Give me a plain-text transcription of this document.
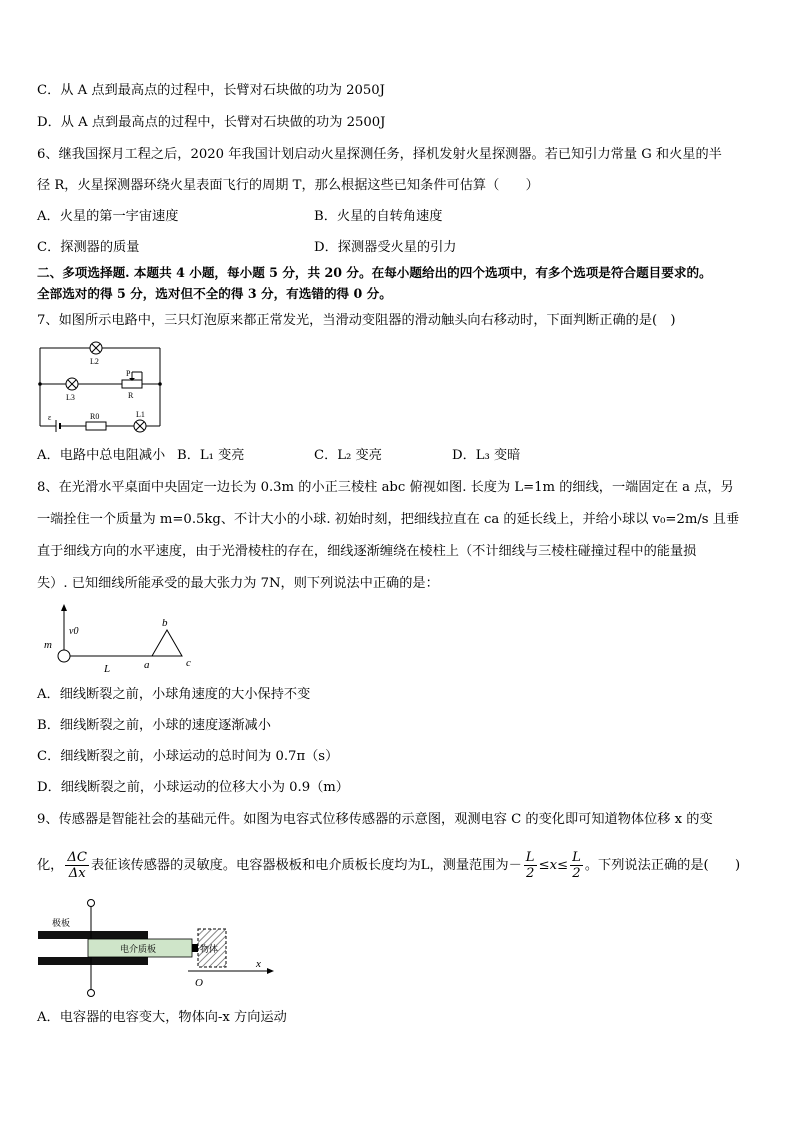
C．从 A 点到最高点的过程中，长臂对石块做的功为 2050J
D．从 A 点到最高点的过程中，长臂对石块做的功为 2500J
6、继我国探月工程之后，2020 年我国计划启动火星探测任务，择机发射火星探测器。若已知引力常量 G 和火星的半
径 R，火星探测器环绕火星表面飞行的周期 T，那么根据这些已知条件可估算（　　）
A．火星的第一宇宙速度	B．火星的自转角速度
C．探测器的质量	D．探测器受火星的引力
二、多项选择题. 本题共 4 小题，每小题 5 分，共 20 分。在每小题给出的四个选项中，有多个选项是符合题目要求的。
全部选对的得 5 分，选对但不全的得 3 分，有选错的得 0 分。
7、如图所示电路中，三只灯泡原来都正常发光，当滑动变阻器的滑动触头向右移动时，下面判断正确的是(　)
L2
L3
P
R
ε	R0	L1
A．电路中总电阻减小 B．L₁ 变亮	C．L₂ 变亮	D．L₃ 变暗
8、在光滑水平桌面中央固定一边长为 0.3m 的小正三棱柱 abc 俯视如图. 长度为 L=1m 的细线，一端固定在 a 点，另
一端拴住一个质量为 m=0.5kg、不计大小的小球. 初始时刻，把细线拉直在 ca 的延长线上，并给小球以 v₀=2m/s 且垂
直于细线方向的水平速度，由于光滑棱柱的存在，细线逐渐缠绕在棱柱上（不计细线与三棱柱碰撞过程中的能量损
失）. 已知细线所能承受的最大张力为 7N，则下列说法中正确的是：
m
v0
L	a
b
c
A．细线断裂之前，小球角速度的大小保持不变
B．细线断裂之前，小球的速度逐渐减小
C．细线断裂之前，小球运动的总时间为 0.7π（s）
D．细线断裂之前，小球运动的位移大小为 0.9（m）
9、传感器是智能社会的基础元件。如图为电容式位移传感器的示意图，观测电容 C 的变化即可知道物体位移 x 的变
化， $\frac{\Delta C}{\Delta x}$ 表征该传感器的灵敏度。电容器极板和电介质板长度均为L，测量范围为－ $\frac{L}{2} \le x\le \frac{L}{2}$ 。下列说法正确的是(　　)
极板
电介质板	物体
x
O
A．电容器的电容变大，物体向-x 方向运动
